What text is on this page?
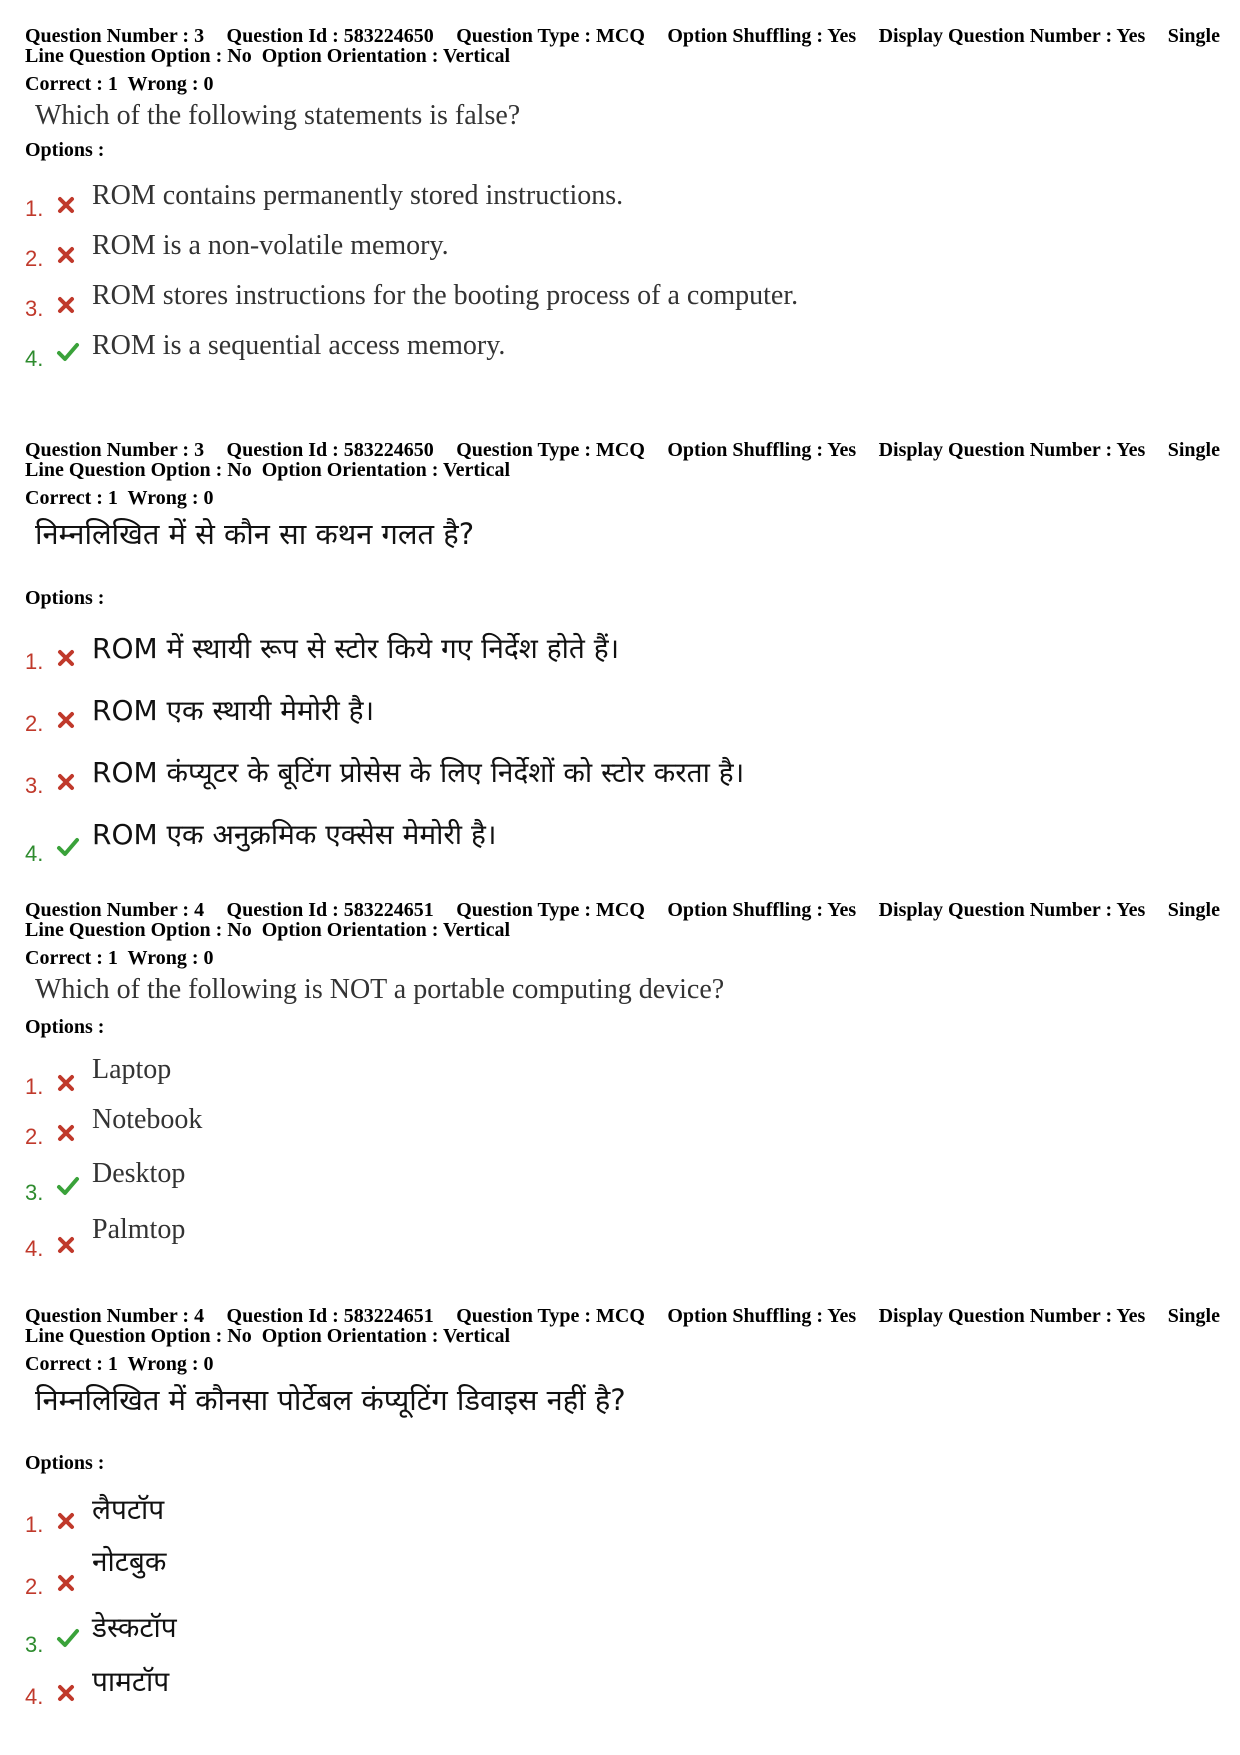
Question Number : 3 Question Id : 583224650 Question Type : MCQ Option Shuffling : Yes Display Question Number : Yes Single
Line Question Option : No  Option Orientation : Vertical
Correct : 1  Wrong : 0
Which of the following statements is false?
Options :
1. ROM contains permanently stored instructions.
2. ROM is a non-volatile memory.
3. ROM stores instructions for the booting process of a computer.
4. ROM is a sequential access memory.
Question Number : 3 Question Id : 583224650 Question Type : MCQ Option Shuffling : Yes Display Question Number : Yes Single
Line Question Option : No  Option Orientation : Vertical
Correct : 1  Wrong : 0
निम्नलिखित में से कौन सा कथन गलत है?
Options :
1. ROM में स्थायी रूप से स्टोर किये गए निर्देश होते हैं।
2. ROM एक स्थायी मेमोरी है।
3. ROM कंप्यूटर के बूटिंग प्रोसेस के लिए निर्देशों को स्टोर करता है।
4.
ROM एक अनुक्रमिक एक्सेस मेमोरी है।
Question Number : 4 Question Id : 583224651 Question Type : MCQ Option Shuffling : Yes Display Question Number : Yes Single
Line Question Option : No  Option Orientation : Vertical
Correct : 1  Wrong : 0
Which of the following is NOT a portable computing device?
Options :
1.
Laptop
2.
Notebook
3.
Desktop
4.
Palmtop
Question Number : 4 Question Id : 583224651 Question Type : MCQ Option Shuffling : Yes Display Question Number : Yes Single
Line Question Option : No  Option Orientation : Vertical
Correct : 1  Wrong : 0
निम्नलिखित में कौनसा पोर्टेबल कंप्यूटिंग डिवाइस नहीं है?
Options :
1. लैपटॉप
2.
नोटबुक
3.
डेस्कटॉप
4. पामटॉप
